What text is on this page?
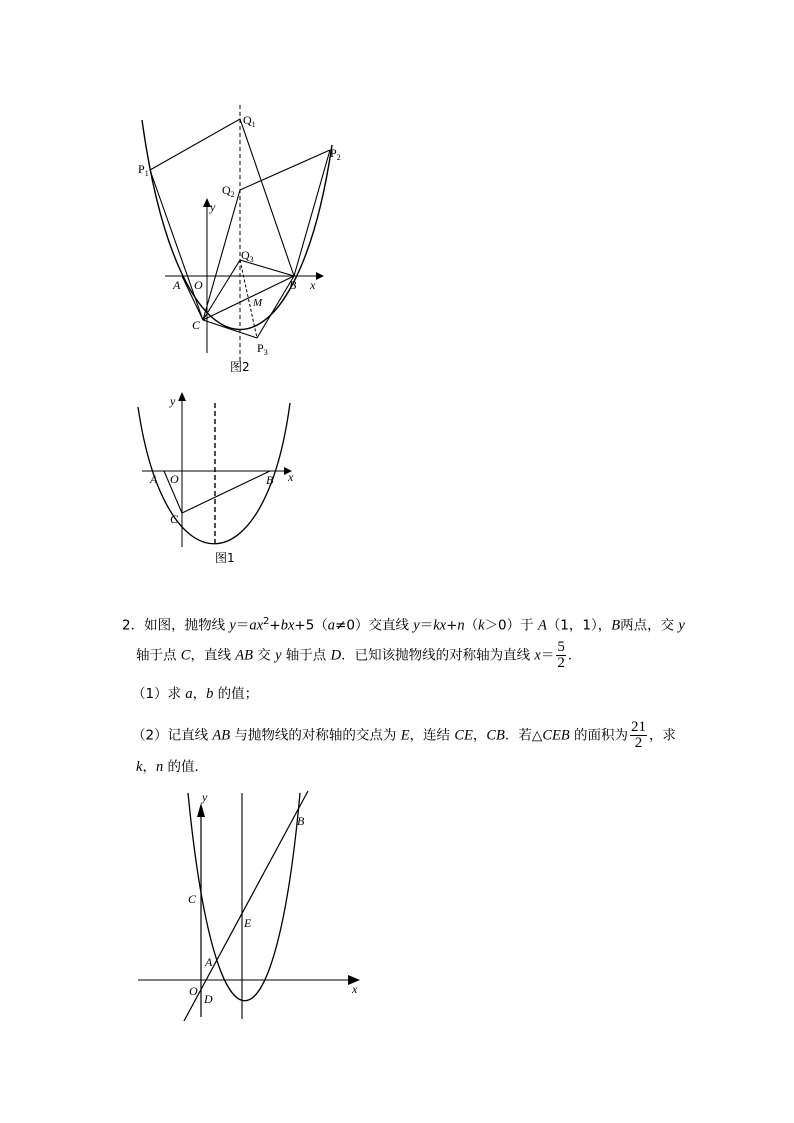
$Q_1$
$P_1$
$P_2$
$Q_2$
y
$Q_3$
A O	B x
M
C
$P_3$
图2
y
A O	B x
C
图1
2．如图，抛物线 $y=ax^2+bx+5(a\ne 0)$交直线 y＝kx+n（k＞0）于 A（1，1），B两点，交 y
轴于点 C，直线 AB 交 y 轴于点 D．已知该抛物线的对称轴为直线 $x= \frac{5}{2}$ ．
（1）求 a，b 的值；
（2）记直线 AB 与抛物线的对称轴的交点为 E，连结 CE，CB．若△CEB 的面积为 $\frac{21}{2}$ ，求
k，n 的值．
y
B
C
E
A
O
D
x
